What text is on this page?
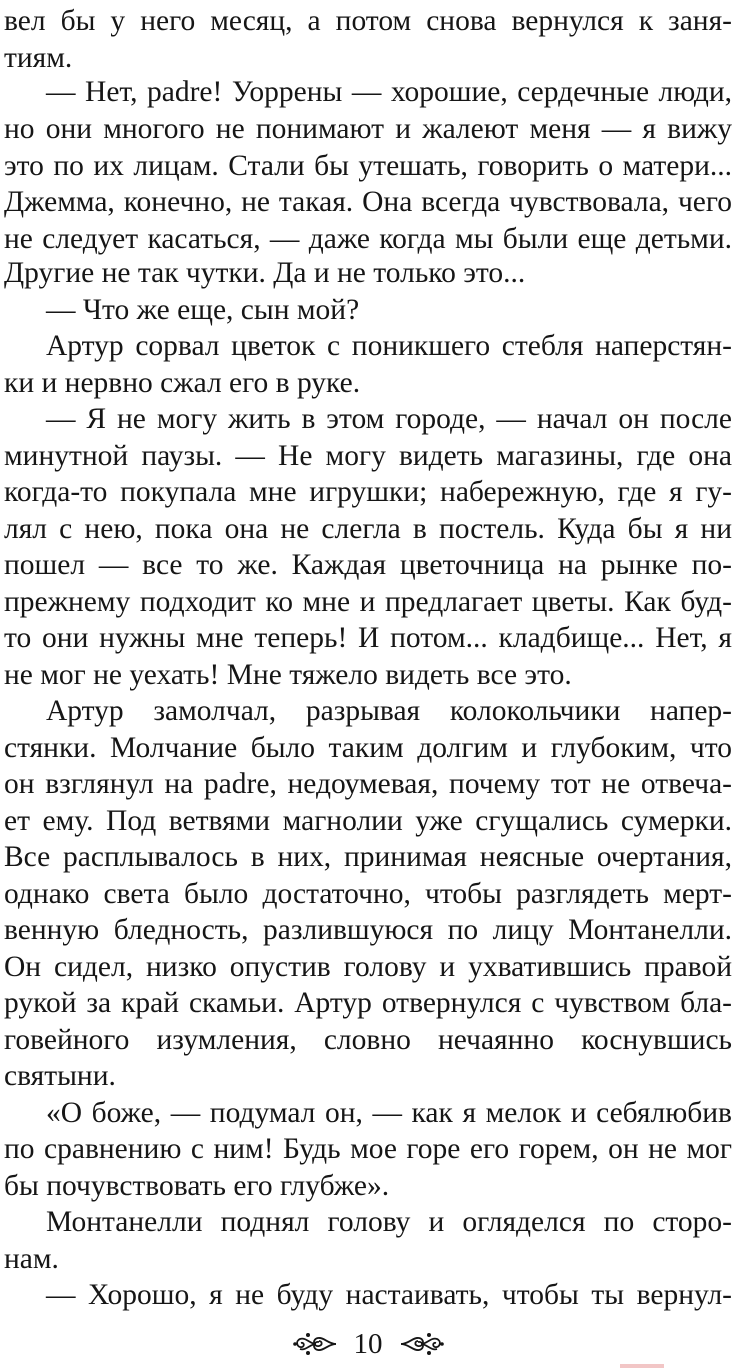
вел бы у него месяц, а потом снова вернулся к заня-
тиям.
— Нет, padre! Уоррены — хорошие, сердечные люди,
но они многого не понимают и жалеют меня — я вижу
это по их лицам. Стали бы утешать, говорить о матери...
Джемма, конечно, не такая. Она всегда чувствовала, чего
не следует касаться, — даже когда мы были еще детьми.
Другие не так чутки. Да и не только это...
— Что же еще, сын мой?
Артур сорвал цветок с поникшего стебля наперстян-
ки и нервно сжал его в руке.
— Я не могу жить в этом городе, — начал он после
минутной паузы. — Не могу видеть магазины, где она
когда-то покупала мне игрушки; набережную, где я гу-
лял с нею, пока она не слегла в постель. Куда бы я ни
пошел — все то же. Каждая цветочница на рынке по-
прежнему подходит ко мне и предлагает цветы. Как буд-
то они нужны мне теперь! И потом... кладбище... Нет, я
не мог не уехать! Мне тяжело видеть все это.
Артур замолчал, разрывая колокольчики напер-
стянки. Молчание было таким долгим и глубоким, что
он взглянул на padre, недоумевая, почему тот не отвеча-
ет ему. Под ветвями магнолии уже сгущались сумерки.
Все расплывалось в них, принимая неясные очертания,
однако света было достаточно, чтобы разглядеть мерт-
венную бледность, разлившуюся по лицу Монтанелли.
Он сидел, низко опустив голову и ухватившись правой
рукой за край скамьи. Артур отвернулся с чувством бла-
говейного изумления, словно нечаянно коснувшись
святыни.
«О боже, — подумал он, — как я мелок и себялюбив
по сравнению с ним! Будь мое горе его горем, он не мог
бы почувствовать его глубже».
Монтанелли поднял голову и огляделся по сторо-
нам.
— Хорошо, я не буду настаивать, чтобы ты вернул-
10
